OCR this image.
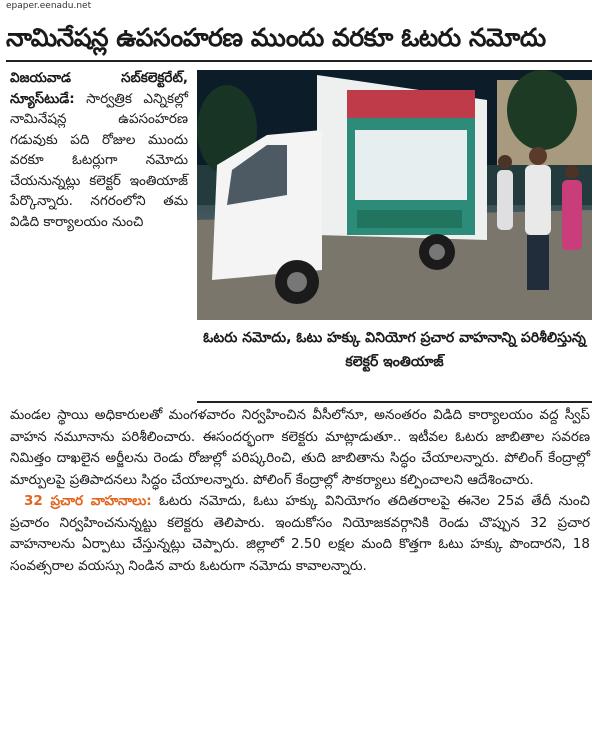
epaper.eenadu.net
నామినేషన్ల ఉపసంహరణ ముందు వరకూ ఓటరు నమోదు
విజయవాడ సబ్‌కలెక్టరేట్, న్యూస్‌టుడే: సార్వత్రిక ఎన్నికల్లో నామినేషన్ల ఉపసంహరణ గడువుకు పది రోజుల ముందు వరకూ ఓటర్లుగా నమోదు చేయనున్నట్లు కలెక్టర్ ఇంతియాజ్ పేర్కొన్నారు. నగరంలోని తమ విడిది కార్యాలయం నుంచి
ఓటరు నమోదు, ఓటు హక్కు వినియోగ ప్రచార వాహనాన్ని పరిశీలిస్తున్న కలెక్టర్ ఇంతియాజ్

మండల స్థాయి అధికారులతో మంగళవారం నిర్వహించిన వీసీలోనూ, అనంతరం విడిది కార్యాలయం వద్ద స్వీప్ వాహన నమూనాను పరిశీలించారు. ఈసందర్భంగా కలెక్టరు మాట్లాడుతూ.. ఇటీవల ఓటరు జాబితాల సవరణ నిమిత్తం దాఖలైన అర్జీలను రెండు రోజుల్లో పరిష్కరించి, తుది జాబితాను సిద్ధం చేయాలన్నారు. పోలింగ్ కేంద్రాల్లో మార్పులపై ప్రతిపాదనలు సిద్ధం చేయాలన్నారు. పోలింగ్ కేంద్రాల్లో సౌకర్యాలు కల్పించాలని ఆదేశించారు.

32 ప్రచార వాహనాలు: ఓటరు నమోదు, ఓటు హక్కు వినియోగం తదితరాలపై ఈనెల 25వ తేదీ నుంచి ప్రచారం నిర్వహించనున్నట్టు కలెక్టరు తెలిపారు. ఇందుకోసం నియోజకవర్గానికి రెండు చొప్పున 32 ప్రచార వాహనాలను ఏర్పాటు చేస్తున్నట్లు చెప్పారు. జిల్లాలో 2.50 లక్షల మంది కొత్తగా ఓటు హక్కు పొందారని, 18 సంవత్సరాల వయస్సు నిండిన వారు ఓటరుగా నమోదు కావాలన్నారు.
